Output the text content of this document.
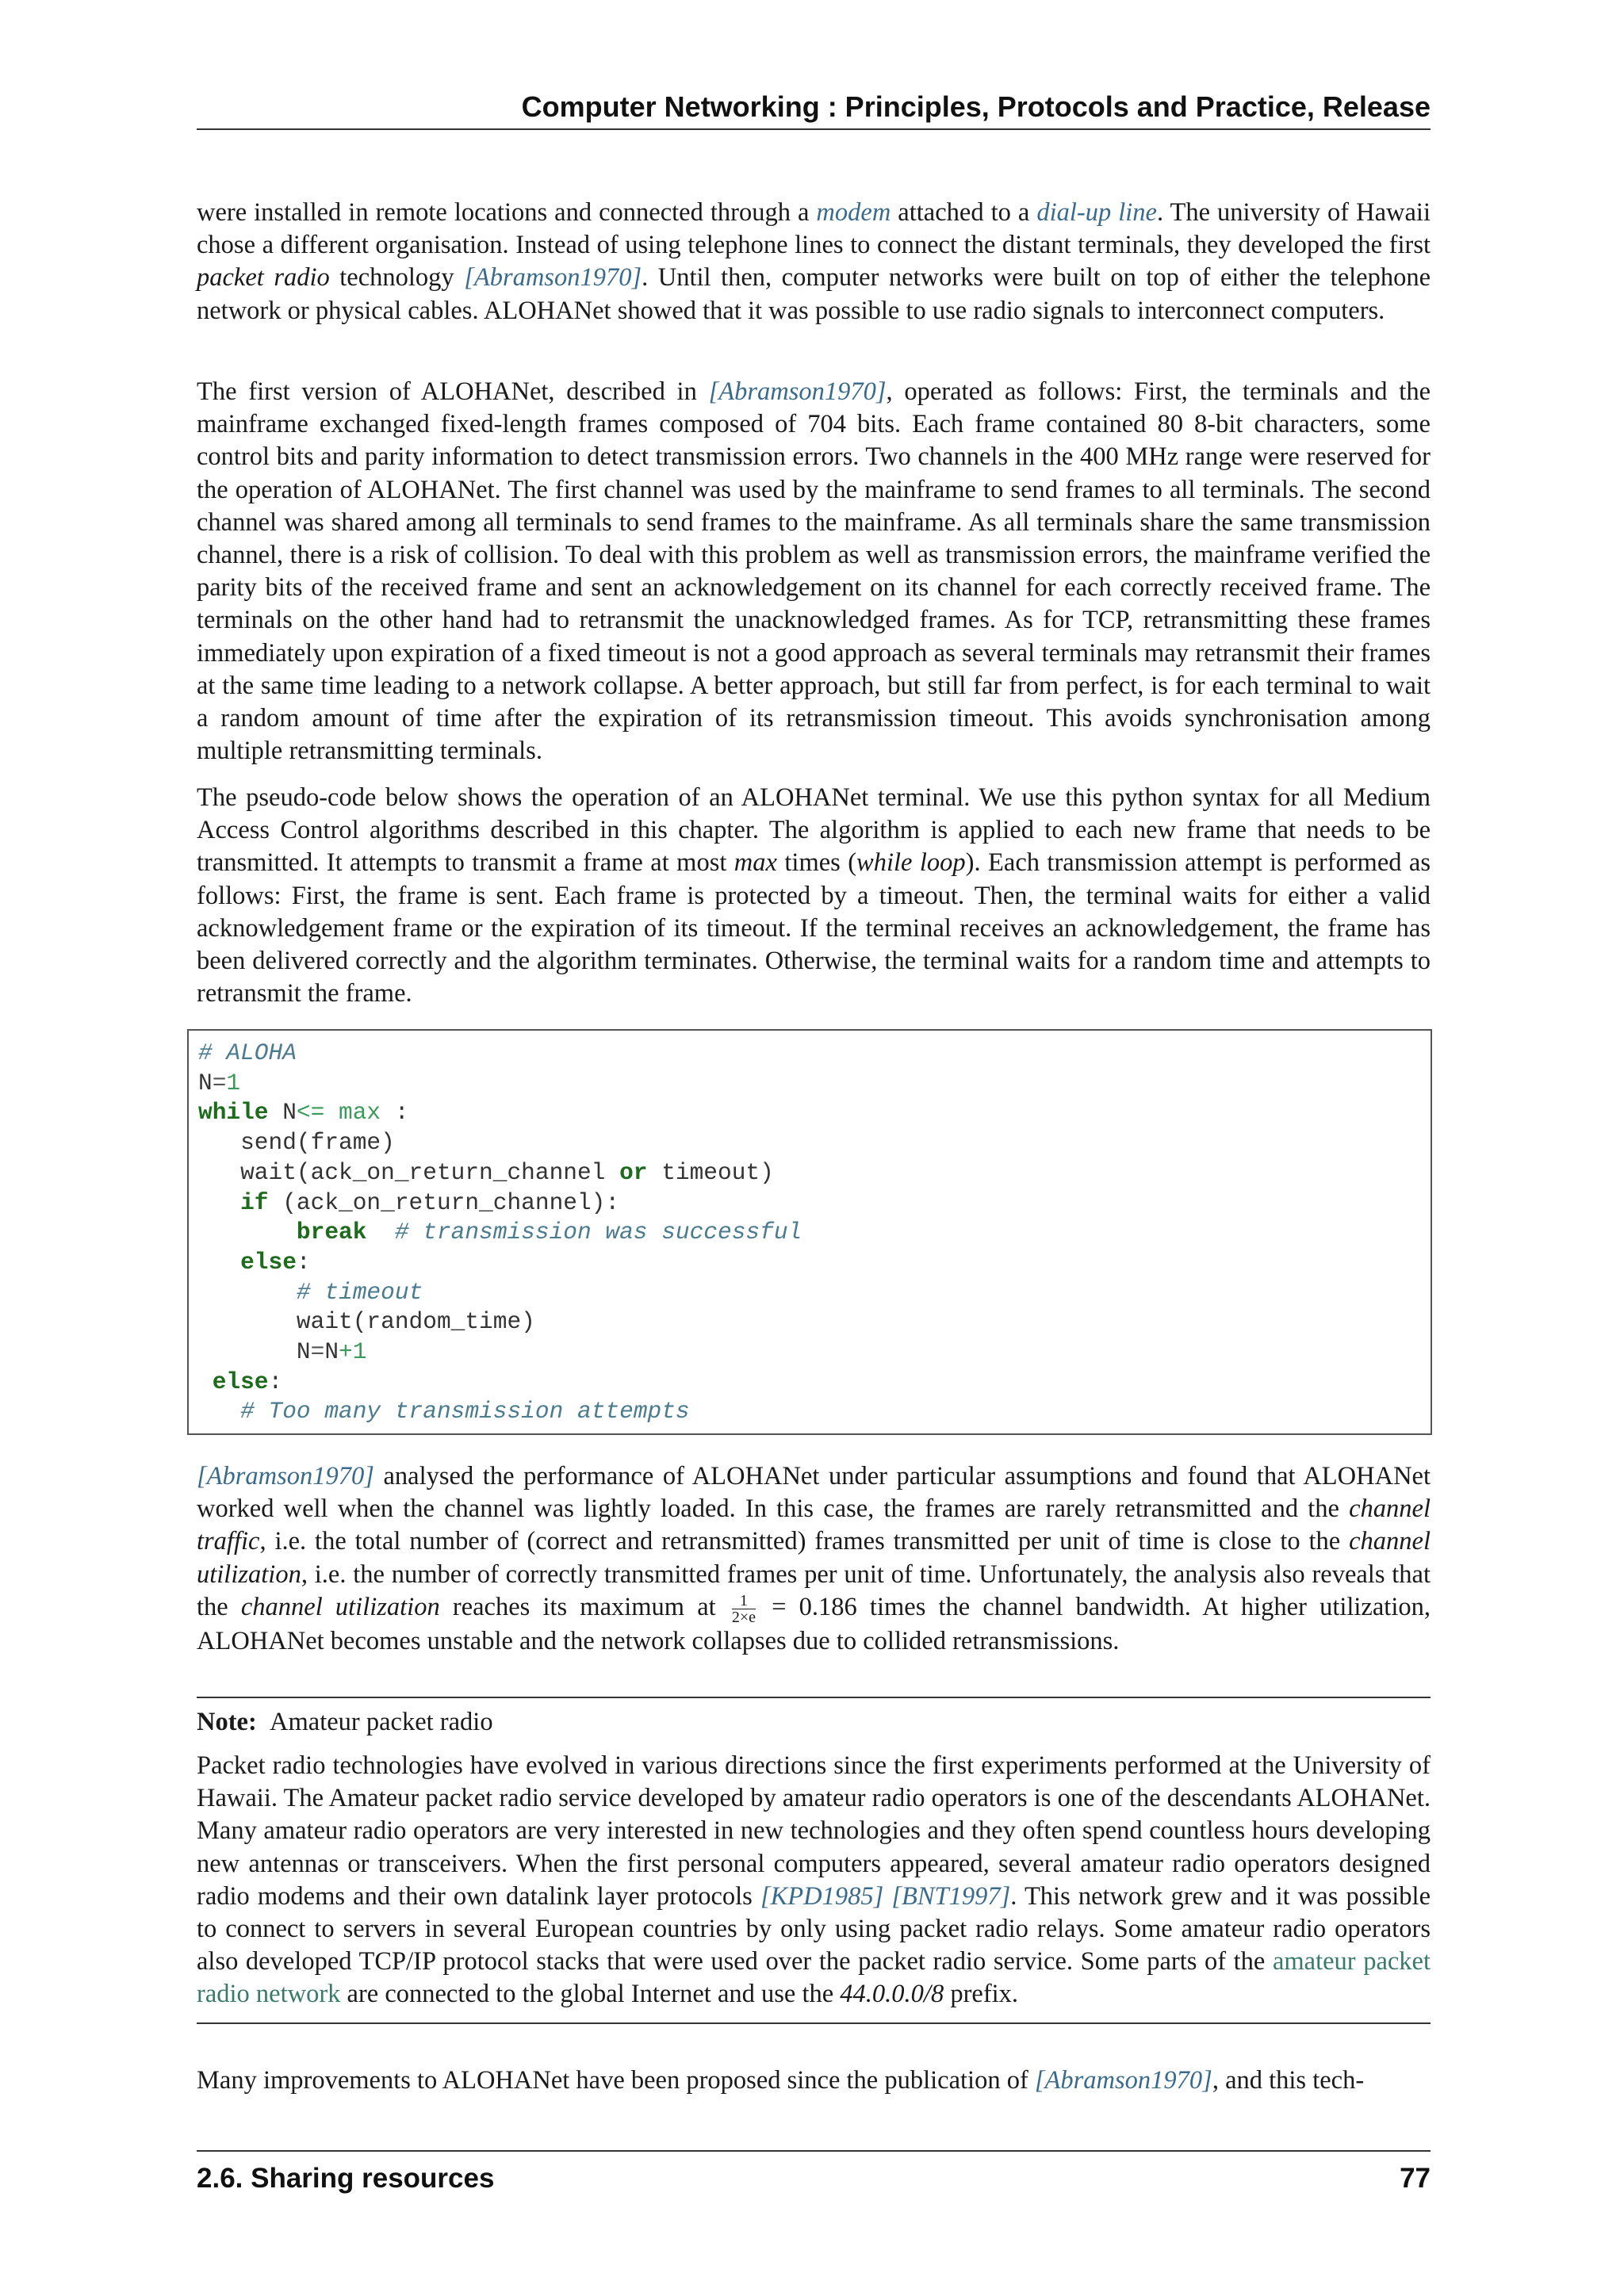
Computer Networking : Principles, Protocols and Practice, Release

were installed in remote locations and connected through a modem attached to a dial-up line. The university of Hawaii chose a different organisation. Instead of using telephone lines to connect the distant terminals, they developed the first packet radio technology [Abramson1970]. Until then, computer networks were built on top of either the telephone network or physical cables. ALOHANet showed that it was possible to use radio signals to interconnect computers.

The first version of ALOHANet, described in [Abramson1970], operated as follows: First, the terminals and the mainframe exchanged fixed-length frames composed of 704 bits. Each frame contained 80 8-bit characters, some control bits and parity information to detect transmission errors. Two channels in the 400 MHz range were reserved for the operation of ALOHANet. The first channel was used by the mainframe to send frames to all terminals. The second channel was shared among all terminals to send frames to the mainframe. As all terminals share the same transmission channel, there is a risk of collision. To deal with this problem as well as transmission errors, the mainframe verified the parity bits of the received frame and sent an acknowledgement on its channel for each correctly received frame. The terminals on the other hand had to retransmit the unacknowledged frames. As for TCP, retransmitting these frames immediately upon expiration of a fixed timeout is not a good approach as several terminals may retransmit their frames at the same time leading to a network collapse. A better approach, but still far from perfect, is for each terminal to wait a random amount of time after the expiration of its retransmission timeout. This avoids synchronisation among multiple retransmitting terminals.

The pseudo-code below shows the operation of an ALOHANet terminal. We use this python syntax for all Medium Access Control algorithms described in this chapter. The algorithm is applied to each new frame that needs to be transmitted. It attempts to transmit a frame at most max times (while loop). Each transmission attempt is performed as follows: First, the frame is sent. Each frame is protected by a timeout. Then, the terminal waits for either a valid acknowledgement frame or the expiration of its timeout. If the terminal receives an acknowledgement, the frame has been delivered correctly and the algorithm terminates. Otherwise, the terminal waits for a random time and attempts to retransmit the frame.

# ALOHA
N=1
while N<= max :
send(frame)
wait(ack_on_return_channel or timeout)
if (ack_on_return_channel):
break # transmission was successful
else:
# timeout
wait(random_time)
N=N+1
else:
# Too many transmission attempts

[Abramson1970] analysed the performance of ALOHANet under particular assumptions and found that ALOHANet worked well when the channel was lightly loaded. In this case, the frames are rarely retransmitted and the channel traffic, i.e. the total number of (correct and retransmitted) frames transmitted per unit of time is close to the channel utilization, i.e. the number of correctly transmitted frames per unit of time. Unfortunately, the analysis also reveals that the channel utilization reaches its maximum at $\frac{1}{2\times e} = 0.186$ times the channel bandwidth. At higher utilization, ALOHANet becomes unstable and the network collapses due to collided retransmissions.

Note: Amateur packet radio

Packet radio technologies have evolved in various directions since the first experiments performed at the University of Hawaii. The Amateur packet radio service developed by amateur radio operators is one of the descendants ALOHANet. Many amateur radio operators are very interested in new technologies and they often spend countless hours developing new antennas or transceivers. When the first personal computers appeared, several amateur radio operators designed radio modems and their own datalink layer protocols [KPD1985] [BNT1997]. This network grew and it was possible to connect to servers in several European countries by only using packet radio relays. Some amateur radio operators also developed TCP/IP protocol stacks that were used over the packet radio service. Some parts of the amateur packet radio network are connected to the global Internet and use the 44.0.0.0/8 prefix.

Many improvements to ALOHANet have been proposed since the publication of [Abramson1970], and this tech-

2.6. Sharing resources	77
